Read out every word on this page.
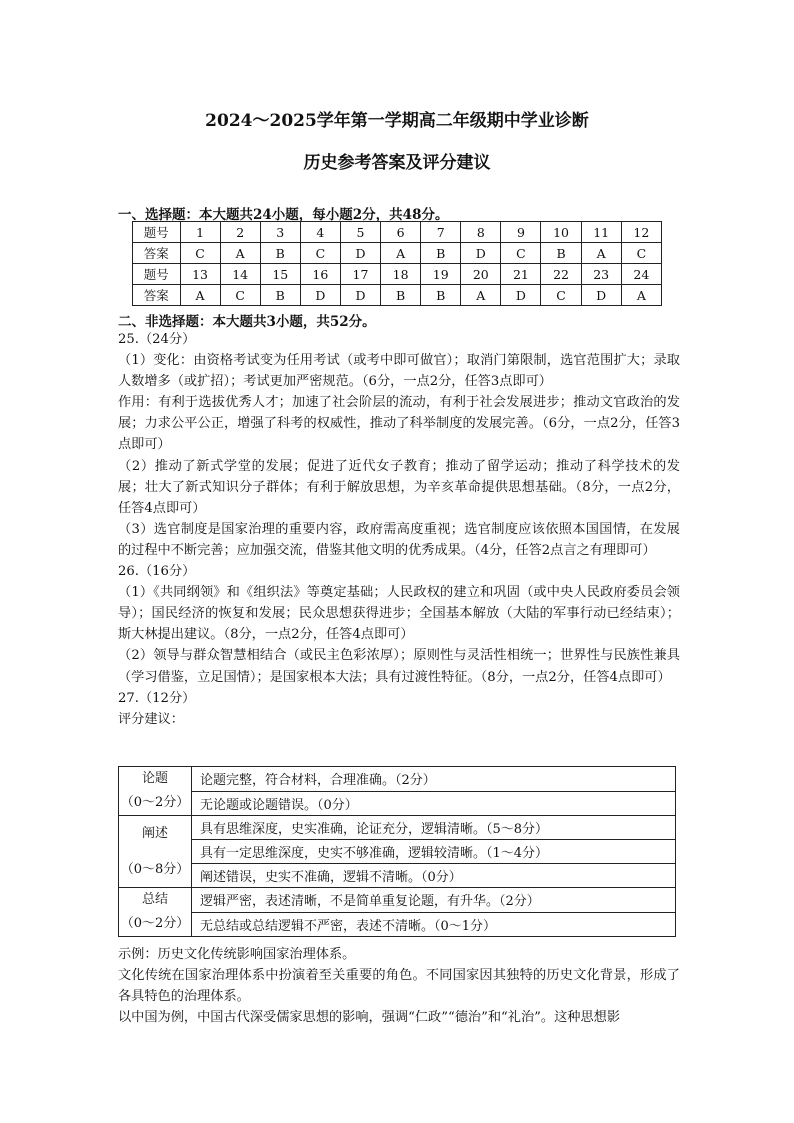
2024～2025学年第一学期高二年级期中学业诊断
历史参考答案及评分建议
一、选择题：本大题共24小题，每小题2分，共48分。
题号	1	2	3	4	5	6	7	8	9	10	11	12
答案	C	A	B	C	D	A	B	D	C	B	A	C
题号	13	14	15	16	17	18	19	20	21	22	23	24
答案	A	C	B	D	D	B	B	A	D	C	D	A
二、非选择题：本大题共3小题，共52分。

25.（24分）

（1）变化：由资格考试变为任用考试（或考中即可做官）；取消门第限制，选官范围扩大；录取人数增多（或扩招）；考试更加严密规范。（6分，一点2分，任答3点即可）

作用：有利于选拔优秀人才；加速了社会阶层的流动，有利于社会发展进步；推动文官政治的发展；力求公平公正，增强了科考的权威性，推动了科举制度的发展完善。（6分，一点2分，任答3点即可）

（2）推动了新式学堂的发展；促进了近代女子教育；推动了留学运动；推动了科学技术的发展；壮大了新式知识分子群体；有利于解放思想，为辛亥革命提供思想基础。（8分，一点2分，任答4点即可）

（3）选官制度是国家治理的重要内容，政府需高度重视；选官制度应该依照本国国情，在发展的过程中不断完善；应加强交流，借鉴其他文明的优秀成果。（4分，任答2点言之有理即可）

26.（16分）

（1）《共同纲领》和《组织法》等奠定基础；人民政权的建立和巩固（或中央人民政府委员会领导）；国民经济的恢复和发展；民众思想获得进步；全国基本解放（大陆的军事行动已经结束）；斯大林提出建议。（8分，一点2分，任答4点即可）

（2）领导与群众智慧相结合（或民主色彩浓厚）；原则性与灵活性相统一；世界性与民族性兼具（学习借鉴，立足国情）；是国家根本大法；具有过渡性特征。（8分，一点2分，任答4点即可）

27.（12分）

评分建议：

论题
（0～2分）	论题完整，符合材料，合理准确。（2分）
	无论题或论题错误。（0分）

阐述
（0～8分）	具有思维深度，史实准确，论证充分，逻辑清晰。（5～8分）
	具有一定思维深度，史实不够准确，逻辑较清晰。（1～4分）
	阐述错误，史实不准确，逻辑不清晰。（0分）

总结
（0～2分）	逻辑严密，表述清晰，不是简单重复论题，有升华。（2分）
	无总结或总结逻辑不严密，表述不清晰。（0～1分）

示例：历史文化传统影响国家治理体系。

文化传统在国家治理体系中扮演着至关重要的角色。不同国家因其独特的历史文化背景，形成了各具特色的治理体系。

以中国为例，中国古代深受儒家思想的影响，强调“仁政”“德治”和“礼治”。这种思想影
